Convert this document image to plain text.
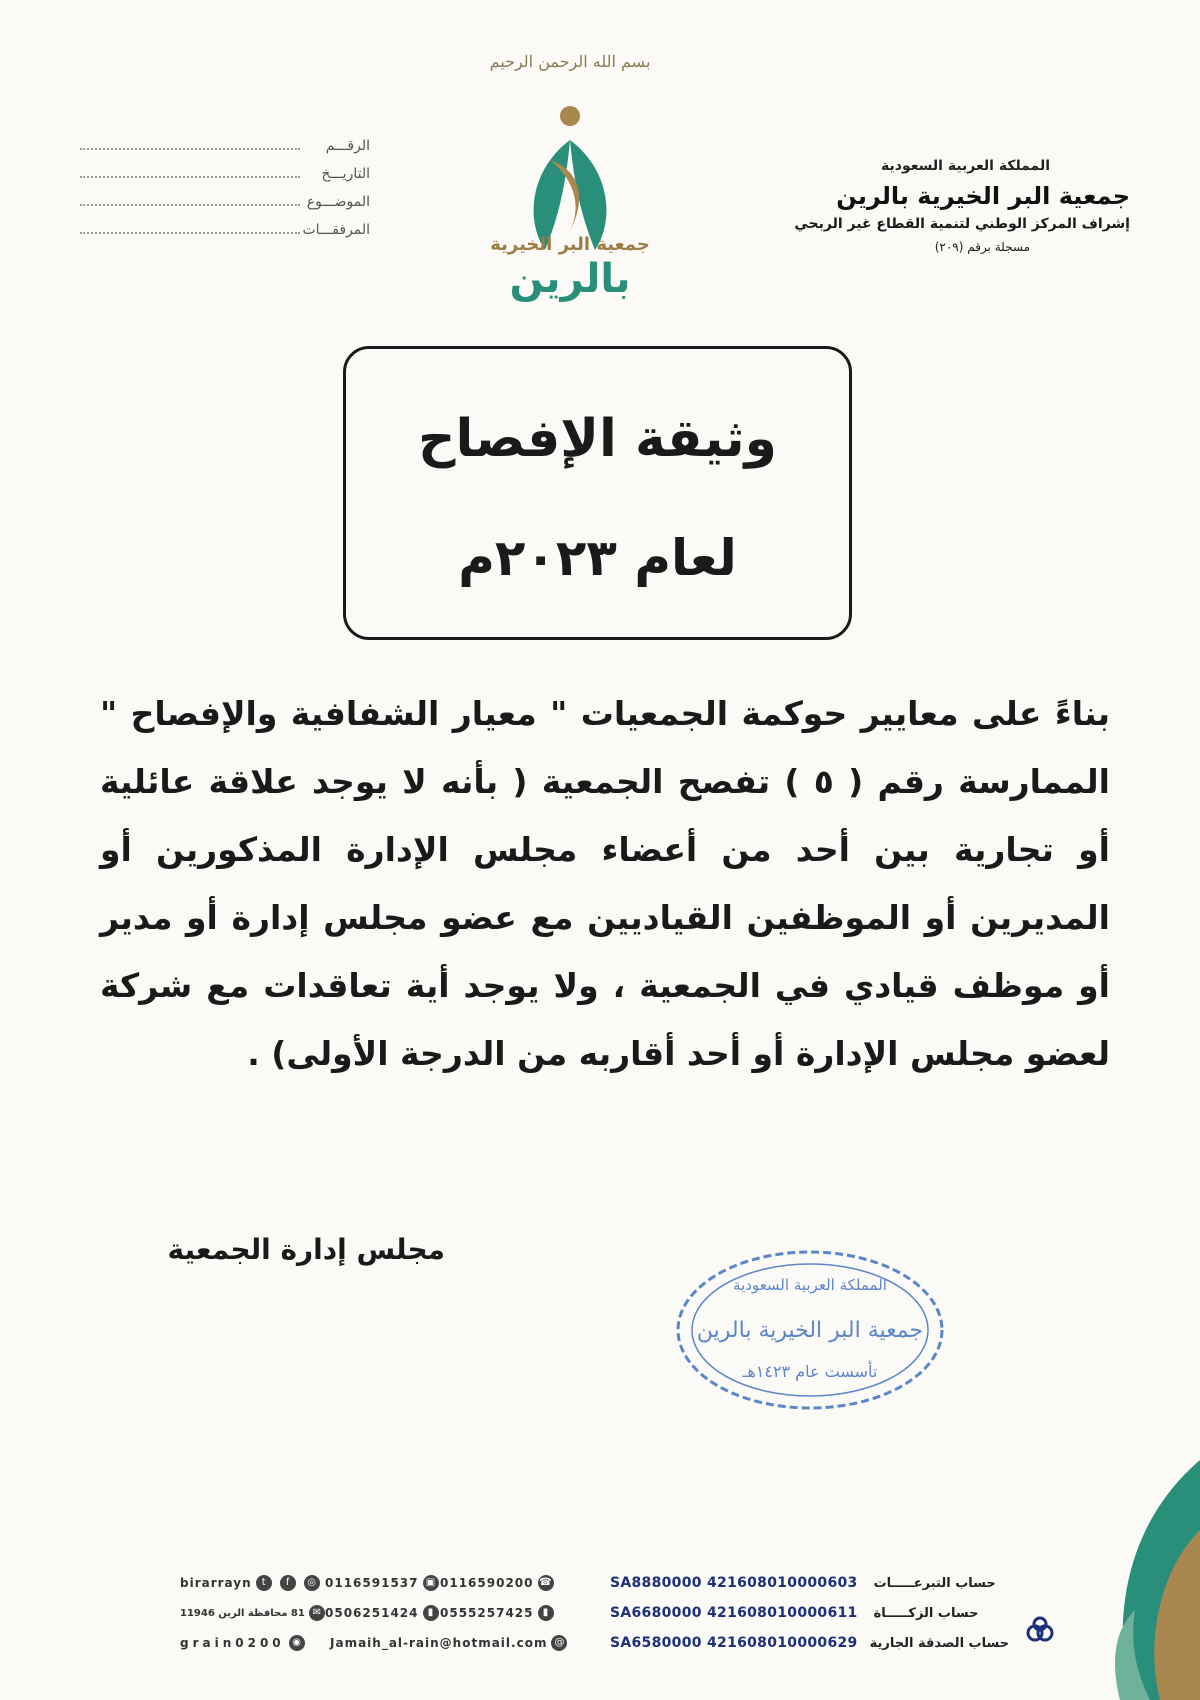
بسم الله الرحمن الرحيم
جمعية البر الخيرية
بالرين
المملكة العربية السعودية
جمعية البر الخيرية بالرين
إشراف المركز الوطني لتنمية القطاع غير الربحي
مسجلة برقم (٢٠٩)
الرقـــم
التاريـــخ
الموضـــوع
المرفقـــات
وثيقة الإفصاح
لعام ٢٠٢٣م
بناءً على معايير حوكمة الجمعيات " معيار الشفافية والإفصاح " الممارسة رقم ( ٥ ) تفصح الجمعية ( بأنه لا يوجد علاقة عائلية أو تجارية بين أحد من أعضاء مجلس الإدارة المذكورين أو المديرين أو الموظفين القياديين مع عضو مجلس إدارة أو مدير أو موظف قيادي في الجمعية ، ولا يوجد أية تعاقدات مع شركة لعضو مجلس الإدارة أو أحد أقاربه من الدرجة الأولى) .
مجلس إدارة الجمعية
المملكة العربية السعودية
جمعية البر الخيرية بالرين
تأسست عام ١٤٢٣هـ
SA8880000 421608010000603 حساب التبرعـــــات
SA6680000 421608010000611 حساب الزكـــــاة
SA6580000 421608010000629 حساب الصدقة الجارية
0116590200 ☎
0555257425 ▮
Jamaih_al-rain@hotmail.com @
0116591537 ▣
0506251424 ▮
grain0200 ◉
birarrayn	t	f	◎
81 محافظة الرين 11946 ✉
